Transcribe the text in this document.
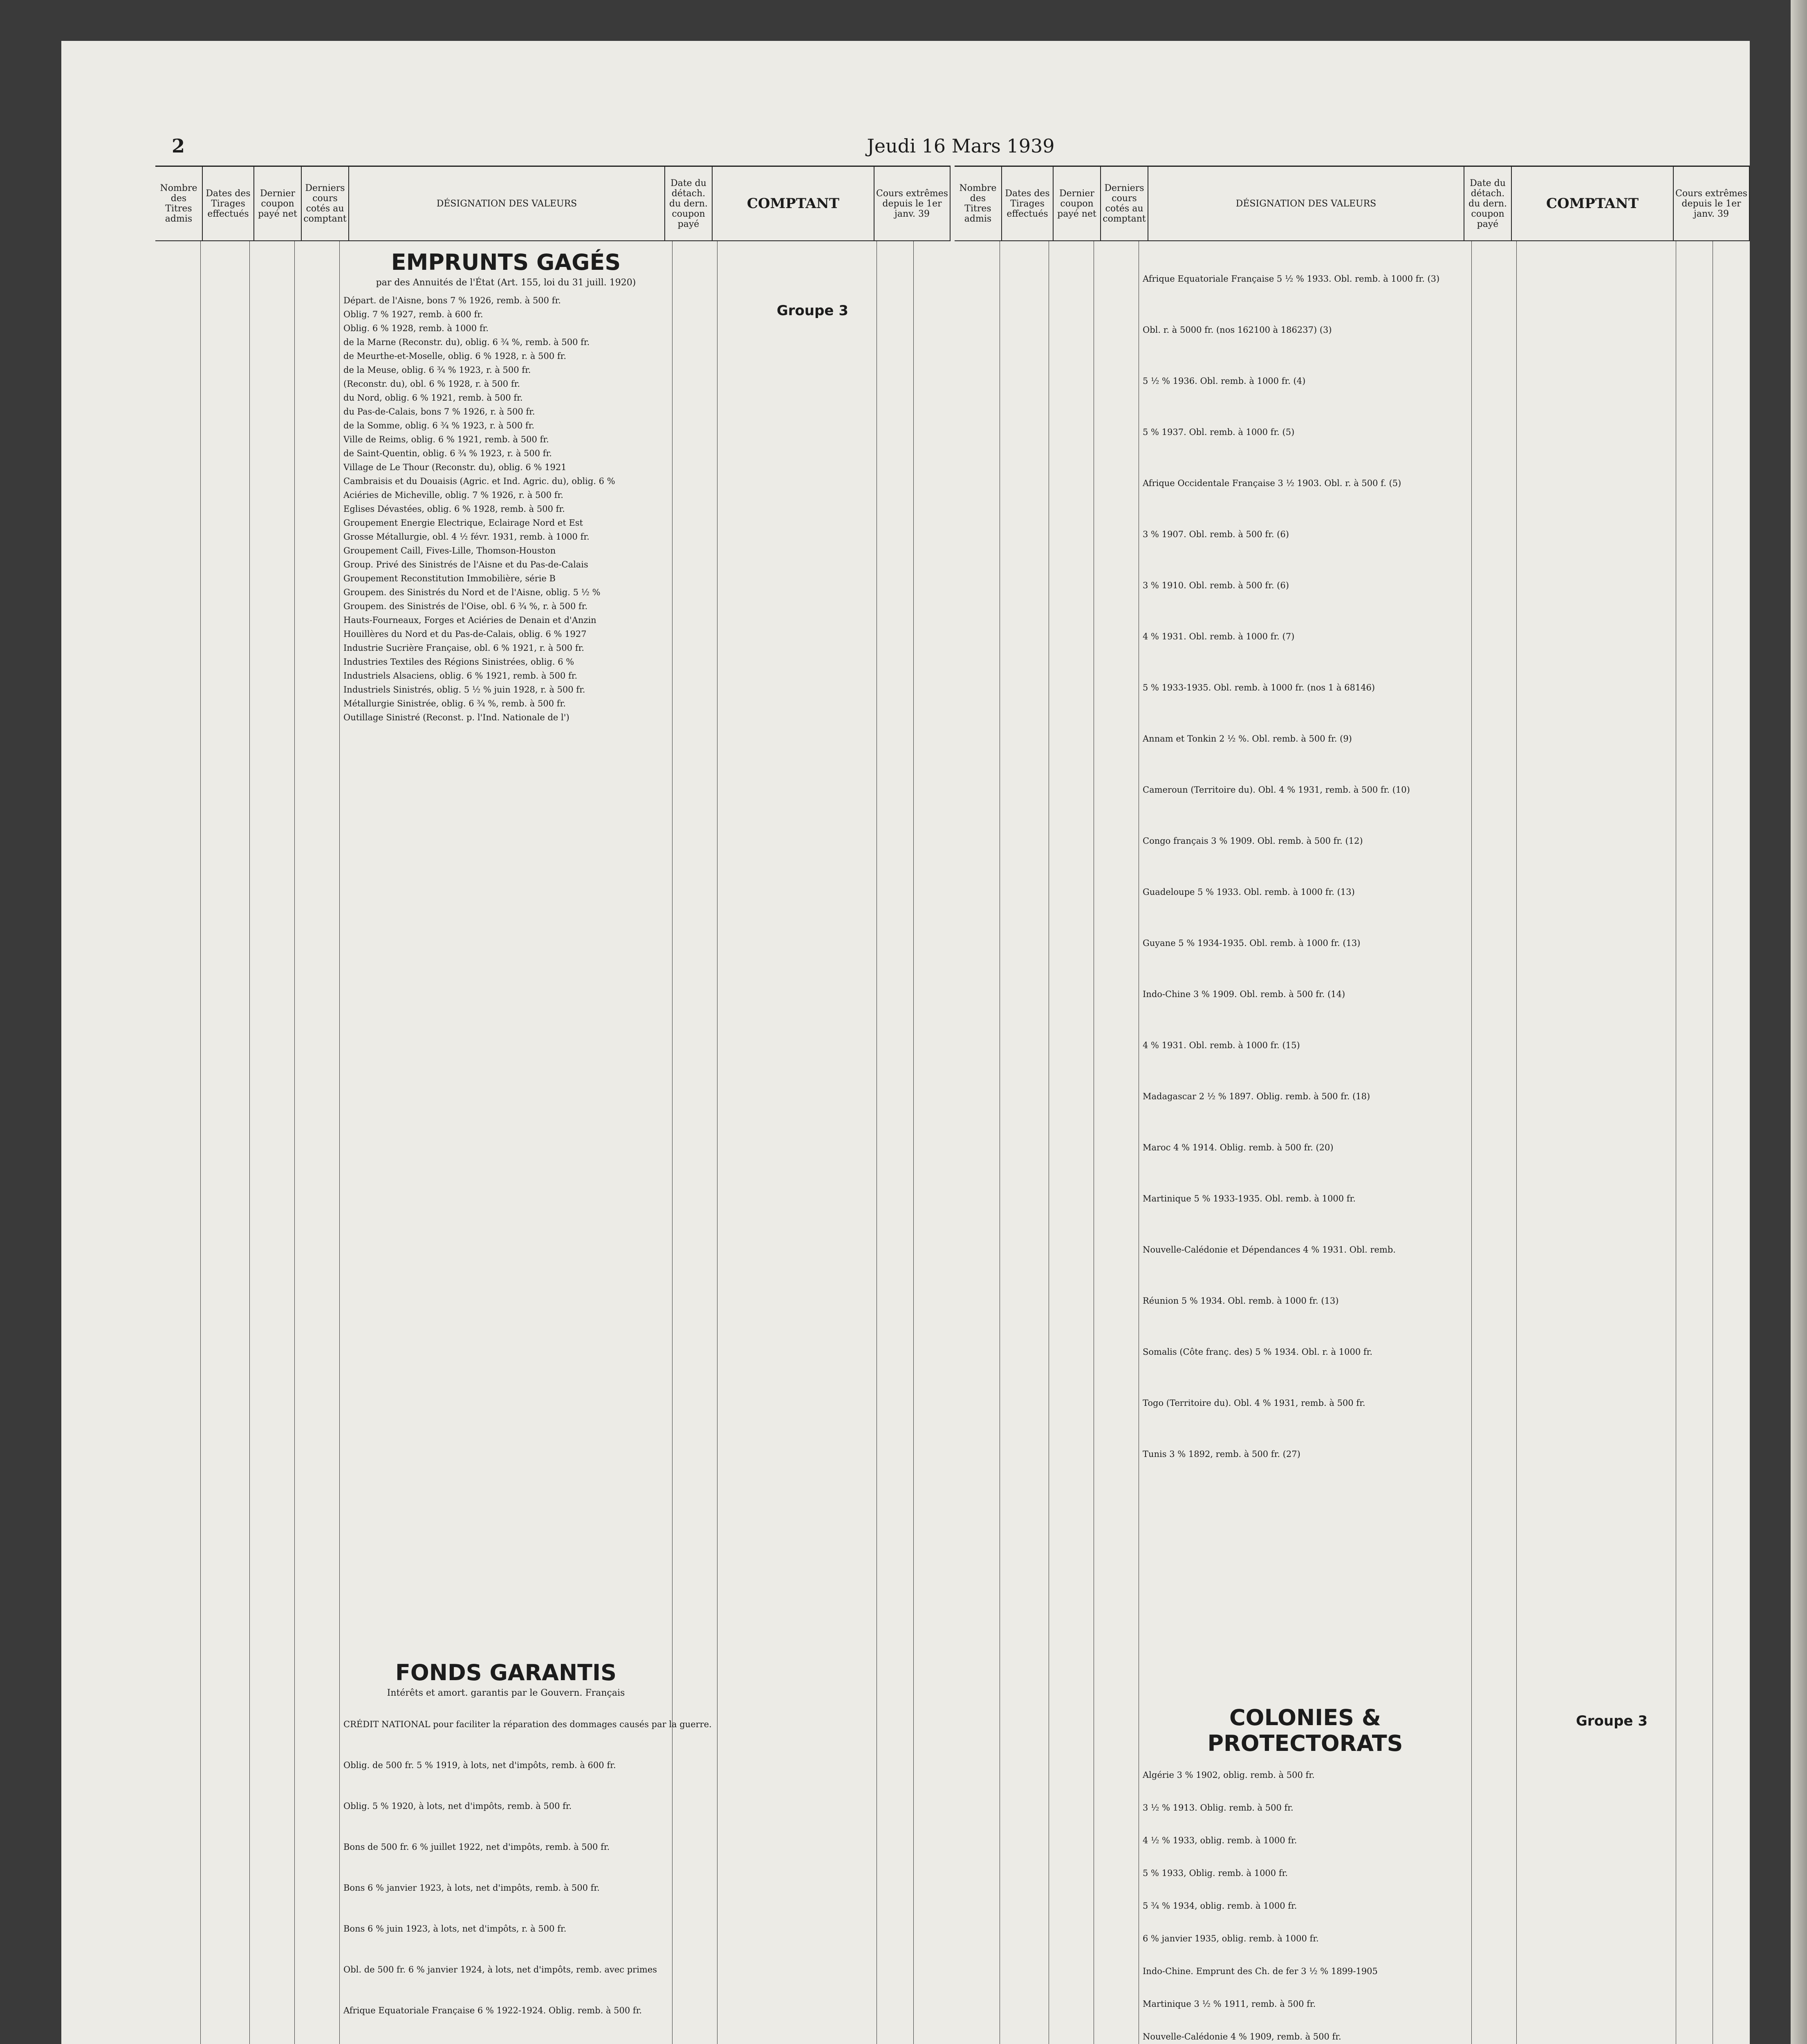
2	Jeudi 16 Mars 1939
Nombre des Titres admis
Dates des Tirages effectués
Dernier coupon payé net
Derniers cours cotés au comptant
DÉSIGNATION DES VALEURS
Date du détach. du dern. coupon payé
COMPTANT
Cours extrêmes depuis le 1er janv. 39
EMPRUNTS GAGÉS
par des Annuités de l'État (Art. 155, loi du 31 juill. 1920)
Départ. de l'Aisne, bons 7 % 1926, remb. à 500 fr.
Oblig. 7 % 1927, remb. à 600 fr.
Oblig. 6 % 1928, remb. à 1000 fr.
de la Marne (Reconstr. du), oblig. 6 ¾ %, remb. à 500 fr.
de Meurthe-et-Moselle, oblig. 6 % 1928, r. à 500 fr.
de la Meuse, oblig. 6 ¾ % 1923, r. à 500 fr.
(Reconstr. du), obl. 6 % 1928, r. à 500 fr.
du Nord, oblig. 6 % 1921, remb. à 500 fr.
du Pas-de-Calais, bons 7 % 1926, r. à 500 fr.
de la Somme, oblig. 6 ¾ % 1923, r. à 500 fr.
Ville de Reims, oblig. 6 % 1921, remb. à 500 fr.
de Saint-Quentin, oblig. 6 ¾ % 1923, r. à 500 fr.
Village de Le Thour (Reconstr. du), oblig. 6 % 1921
Cambraisis et du Douaisis (Agric. et Ind. Agric. du), oblig. 6 %
Aciéries de Micheville, oblig. 7 % 1926, r. à 500 fr.
Eglises Dévastées, oblig. 6 % 1928, remb. à 500 fr.
Groupement Energie Electrique, Eclairage Nord et Est
Grosse Métallurgie, obl. 4 ½ févr. 1931, remb. à 1000 fr.
Groupement Caill, Fives-Lille, Thomson-Houston
Group. Privé des Sinistrés de l'Aisne et du Pas-de-Calais
Groupement Reconstitution Immobilière, série B
Groupem. des Sinistrés du Nord et de l'Aisne, oblig. 5 ½ %
Groupem. des Sinistrés de l'Oise, obl. 6 ¾ %, r. à 500 fr.
Hauts-Fourneaux, Forges et Aciéries de Denain et d'Anzin
Houillères du Nord et du Pas-de-Calais, oblig. 6 % 1927
Industrie Sucrière Française, obl. 6 % 1921, r. à 500 fr.
Industries Textiles des Régions Sinistrées, oblig. 6 %
Industriels Alsaciens, oblig. 6 % 1921, remb. à 500 fr.
Industriels Sinistrés, oblig. 5 ½ % juin 1928, r. à 500 fr.
Métallurgie Sinistrée, oblig. 6 ¾ %, remb. à 500 fr.
Outillage Sinistré (Reconst. p. l'Ind. Nationale de l')
Groupe 3
FONDS GARANTIS
Intérêts et amort. garantis par le Gouvern. Français
CRÉDIT NATIONAL pour faciliter la réparation des dommages causés par la guerre.
Oblig. de 500 fr. 5 % 1919, à lots, net d'impôts, remb. à 600 fr.
Oblig. 5 % 1920, à lots, net d'impôts, remb. à 500 fr.
Bons de 500 fr. 6 % juillet 1922, net d'impôts, remb. à 500 fr.
Bons 6 % janvier 1923, à lots, net d'impôts, remb. à 500 fr.
Bons 6 % juin 1923, à lots, net d'impôts, r. à 500 fr.
Obl. de 500 fr. 6 % janvier 1924, à lots, net d'impôts, remb. avec primes
Afrique Equatoriale Française 6 % 1922-1924. Oblig. remb. à 500 fr.
Nombre des Titres admis
Dates des Tirages effectués
Dernier coupon payé net
Derniers cours cotés au comptant
DÉSIGNATION DES VALEURS
Date du détach. du dern. coupon payé
COMPTANT
Cours extrêmes depuis le 1er janv. 39
Afrique Equatoriale Française 5 ½ % 1933. Obl. remb. à 1000 fr. (3)
Obl. r. à 5000 fr. (nos 162100 à 186237) (3)
5 ½ % 1936. Obl. remb. à 1000 fr. (4)
5 % 1937. Obl. remb. à 1000 fr. (5)
Afrique Occidentale Française 3 ½ 1903. Obl. r. à 500 f. (5)
3 % 1907. Obl. remb. à 500 fr. (6)
3 % 1910. Obl. remb. à 500 fr. (6)
4 % 1931. Obl. remb. à 1000 fr. (7)
5 % 1933-1935. Obl. remb. à 1000 fr. (nos 1 à 68146)
Annam et Tonkin 2 ½ %. Obl. remb. à 500 fr. (9)
Cameroun (Territoire du). Obl. 4 % 1931, remb. à 500 fr. (10)
Congo français 3 % 1909. Obl. remb. à 500 fr. (12)
Guadeloupe 5 % 1933. Obl. remb. à 1000 fr. (13)
Guyane 5 % 1934-1935. Obl. remb. à 1000 fr. (13)
Indo-Chine 3 % 1909. Obl. remb. à 500 fr. (14)
4 % 1931. Obl. remb. à 1000 fr. (15)
Madagascar 2 ½ % 1897. Oblig. remb. à 500 fr. (18)
Maroc 4 % 1914. Oblig. remb. à 500 fr. (20)
Martinique 5 % 1933-1935. Obl. remb. à 1000 fr.
Nouvelle-Calédonie et Dépendances 4 % 1931. Obl. remb.
Réunion 5 % 1934. Obl. remb. à 1000 fr. (13)
Somalis (Côte franç. des) 5 % 1934. Obl. r. à 1000 fr.
Togo (Territoire du). Obl. 4 % 1931, remb. à 500 fr.
Tunis 3 % 1892, remb. à 500 fr. (27)
COLONIES & PROTECTORATS
Algérie 3 % 1902, oblig. remb. à 500 fr.
3 ½ % 1913. Oblig. remb. à 500 fr.
4 ½ % 1933, oblig. remb. à 1000 fr.
5 % 1933, Oblig. remb. à 1000 fr.
5 ¾ % 1934, oblig. remb. à 1000 fr.
6 % janvier 1935, oblig. remb. à 1000 fr.
Indo-Chine. Emprunt des Ch. de fer 3 ½ % 1899-1905
Martinique 3 ½ % 1911, remb. à 500 fr.
Nouvelle-Calédonie 4 % 1909, remb. à 500 fr.
Groupe 3
